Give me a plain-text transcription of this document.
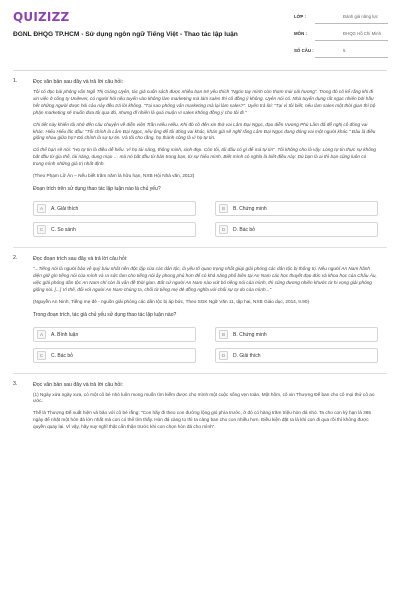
QUIZIZZ
ĐGNL ĐHQG TP.HCM - Sử dụng ngôn ngữ Tiếng Việt - Thao tác lập luận
LỚP :	Đánh giá năng lực
MÔN :	ĐHQG Hồ Chí Minh
SỐ CÂU :	5
1.	Đọc văn bản sau đây và trả lời câu hỏi:

Tôi có đọc bài phỏng vấn Ngô Thị Giáng Uyên, tác giả cuốn sách được nhiều bạn trẻ yêu thích "Ngón tay mình còn thơm mùi oải hương". Trong đó cô kể rằng khi đi xin việc ở công ty Unilever, có người hỏi nếu tuyển vào không làm marketing mà làm sales thì cô đồng ý không. Uyên nói có. Nhà tuyển dụng rất ngạc nhiên bởi hầu hết những người được hỏi câu này đều trả lời không. "Tại sao phỏng vấn marketing mà lại làm sales?". Uyên trả lời: "Tại vì tôi biết, nếu làm sales một thời gian thì bộ phận marketing sẽ muốn đưa tôi qua đó, nhưng dĩ nhiên là quá muộn vì sales không đồng ý cho tôi đi."

Chi tiết này khiến tôi nhớ đến câu chuyện về diễn viên Trần Hiếu Hiếu. Khi đó cô đến xin thử vai Lâm Đại Ngọc, đạo diễn Vương Phù Lâm đã để nghị cô đóng vai khác. Hiểu Hiểu lắc đầu: "Tôi chính là Lâm Đại Ngọc, nếu ông để tôi đóng vai khác, khán giả sẽ nghĩ rằng Lâm Đại Ngọc đang đóng vai một người khác." Đâu là điều giống nhau giữa họ? Đó chính là sự tự tin. Và tôi cho rằng, họ thành công là vì họ tự tin.

Có thể bạn sẽ nói: "Họ tự tin là điều dễ hiểu. Vì họ tài năng, thông minh, xinh đẹp. Còn tôi, tôi đâu có gì để mà tự tin". Tôi không cho là vậy. Lòng tự tin thực sự không bắt đầu từ gia thế, tài năng, dung mạo … mà nó bắt đầu từ bản trong bạn, từ sự hiểu mình. Biết mình có nghĩa là biết điều này: Dù bạn là ai thì bạn cũng luôn có trong mình những giá trị nhất định.

(Theo Phạm Lữ Ân – Nếu biết trăm năm là hữu hạn, NXB Hội Nhà văn, 2012)

Đoạn trích trên sử dụng thao tác lập luận nào là chủ yếu?

A	A. Giải thích	B	B. Chứng minh
C	C. So sánh	D	D. Bác bỏ
2.	Đọc đoạn trích sau đây và trả lời câu hỏi:

"...Tiếng nói là người bảo vệ quý báu nhất nền độc lập của các dân tộc, là yếu tố quan trọng nhất giúp giải phóng các dân tộc bị thống trị. Nếu người An Nam hãnh diện giữ gìn tiếng nói của mình và ra sức làm cho tiếng nói ấy phong phú hơn để có khả năng phổ biến tại An Nam các học thuyết đạo đức và khoa học của Châu Âu, việc giải phóng dân tộc An Nam chỉ còn là vấn đề thời gian. Bất cứ người An Nam nào vứt bỏ tiếng nói của mình, thì cũng đương nhiên khước từ hi vọng giải phóng giống nòi. [...] Vì thế, đối với người An Nam chúng ta, chối từ tiếng mẹ đẻ đồng nghĩa với chối sự tự do của mình..."

(Nguyễn An Ninh, Tiếng mẹ đẻ - nguồn giải phóng các dân tộc bị áp bức, Theo SGK Ngữ Văn 11, tập hai, NXB Giáo dục, 2014, tr.90)

Trong đoạn trích, tác giả chủ yếu sử dụng thao tác lập luận nào?

A	A. Bình luận	B	B. Chứng minh
C	C. Bác bỏ	D	D. Giải thích
3.	Đọc văn bản sau đây và trả lời câu hỏi:

(1) Ngày xửa ngày xưa, có một cô bé nhỏ luôn mong muốn tìm kiếm được cho mình một cuộc sống vẹn toàn. Một hôm, cô xin Thượng Đế ban cho cô mọi thứ cô ao ước.

Thế là Thượng Đế xuất hiện và bảo với cô bé rằng: "Con hãy đi theo con đường lộng gió phía trước, ở đó có hàng trăm triệu hòn đá nhỏ. Ta cho con kỳ hạn là 365 ngày để nhặt một hòn đá lớn nhất mà con có thể tìm thấy. Hòn đá càng to thì ta càng ban cho con nhiều hơn. Điều kiện đặt ra là khi con đi qua rồi thì không được quyền quay lại. Vì vậy, hãy suy nghĩ thật cẩn thận trước khi con chọn hòn đá cho mình".
